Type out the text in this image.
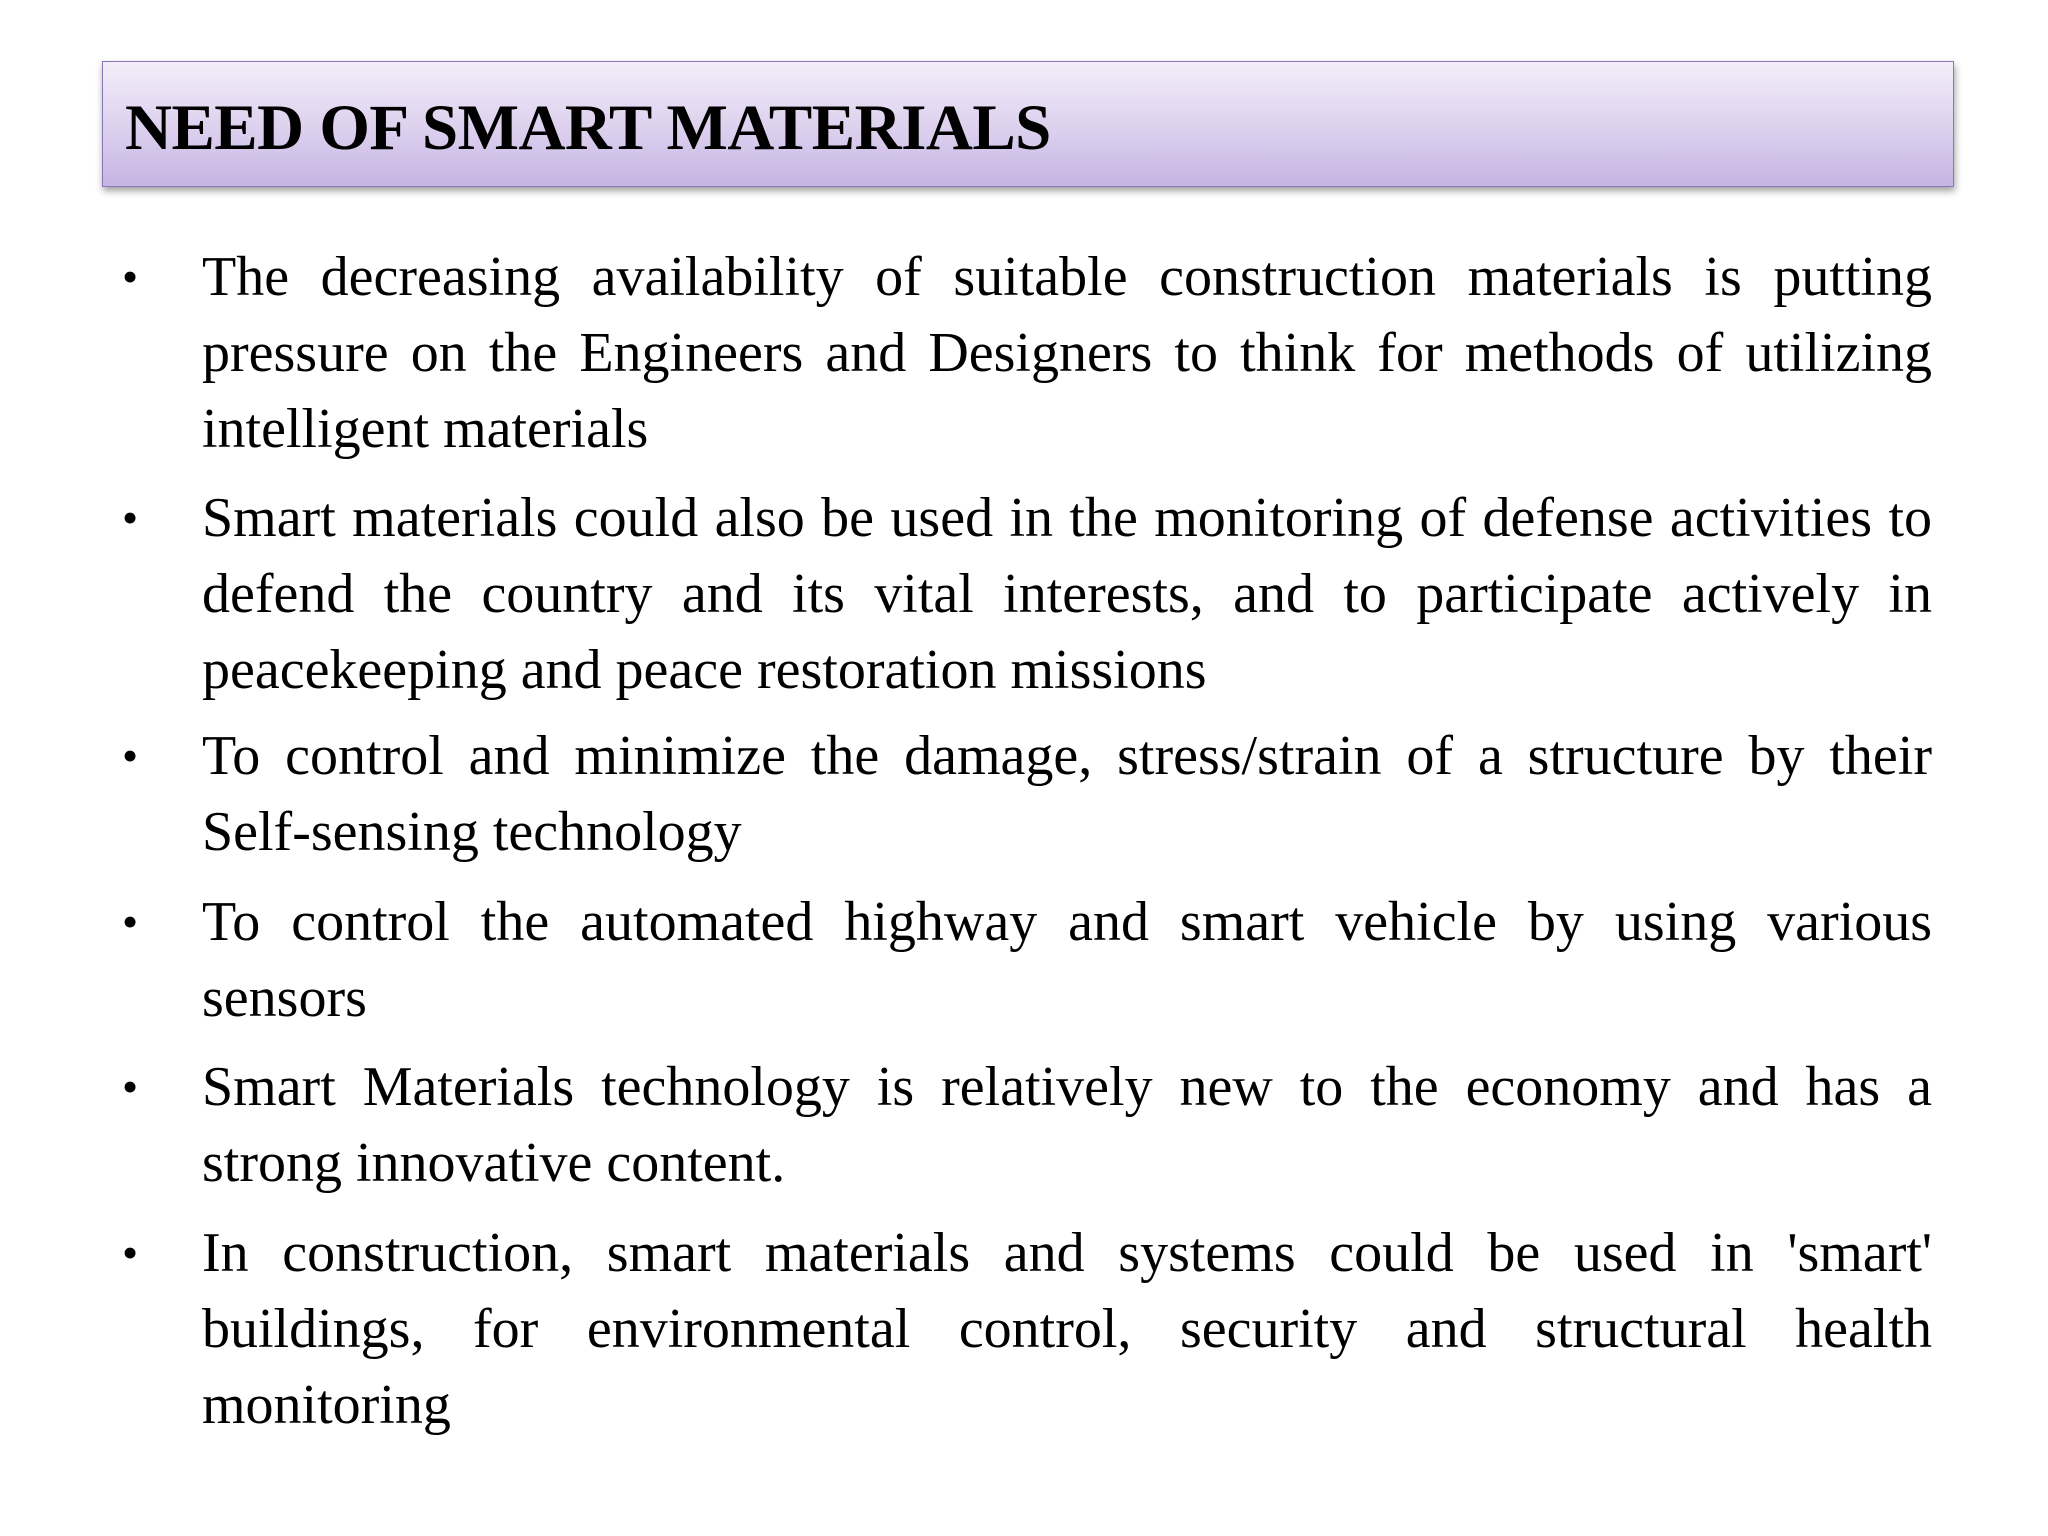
NEED OF SMART MATERIALS
• The decreasing availability of suitable construction materials is putting pressure on the Engineers and Designers to think for methods of utilizing intelligent materials
• Smart materials could also be used in the monitoring of defense activities to defend the country and its vital interests, and to participate actively in peacekeeping and peace restoration missions
• To control and minimize the damage, stress/strain of a structure by their Self-sensing technology
• To control the automated highway and smart vehicle by using various sensors
• Smart Materials technology is relatively new to the economy and has a strong innovative content.
• In construction, smart materials and systems could be used in 'smart' buildings, for environmental control, security and structural health monitoring
